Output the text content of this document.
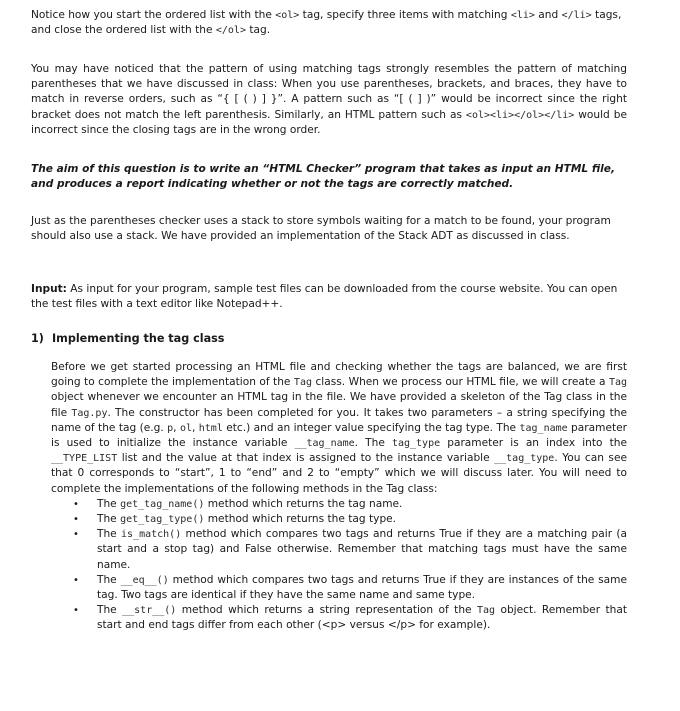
Notice how you start the ordered list with the <ol> tag, specify three items with matching <li> and </li> tags, and close the ordered list with the </ol> tag.

You may have noticed that the pattern of using matching tags strongly resembles the pattern of matching parentheses that we have discussed in class: When you use parentheses, brackets, and braces, they have to match in reverse orders, such as “{ [ ( ) ] }”. A pattern such as “[ ( ] )” would be incorrect since the right bracket does not match the left parenthesis. Similarly, an HTML pattern such as <ol><li></ol></li> would be incorrect since the closing tags are in the wrong order.

The aim of this question is to write an “HTML Checker” program that takes as input an HTML file, and produces a report indicating whether or not the tags are correctly matched.

Just as the parentheses checker uses a stack to store symbols waiting for a match to be found, your program should also use a stack. We have provided an implementation of the Stack ADT as discussed in class.

Input: As input for your program, sample test files can be downloaded from the course website. You can open the test files with a text editor like Notepad++.

1) Implementing the tag class

Before we get started processing an HTML file and checking whether the tags are balanced, we are first going to complete the implementation of the Tag class. When we process our HTML file, we will create a Tag object whenever we encounter an HTML tag in the file. We have provided a skeleton of the Tag class in the file Tag.py. The constructor has been completed for you. It takes two parameters – a string specifying the name of the tag (e.g. p, ol, html etc.) and an integer value specifying the tag type. The tag_name parameter is used to initialize the instance variable __tag_name. The tag_type parameter is an index into the __TYPE_LIST list and the value at that index is assigned to the instance variable __tag_type. You can see that 0 corresponds to “start”, 1 to “end” and 2 to “empty” which we will discuss later. You will need to complete the implementations of the following methods in the Tag class:
• The get_tag_name() method which returns the tag name.
• The get_tag_type() method which returns the tag type.
• The is_match() method which compares two tags and returns True if they are a matching pair (a start and a stop tag) and False otherwise. Remember that matching tags must have the same name.
• The __eq__() method which compares two tags and returns True if they are instances of the same tag. Two tags are identical if they have the same name and same type.
• The __str__() method which returns a string representation of the Tag object. Remember that start and end tags differ from each other (<p> versus </p> for example).
